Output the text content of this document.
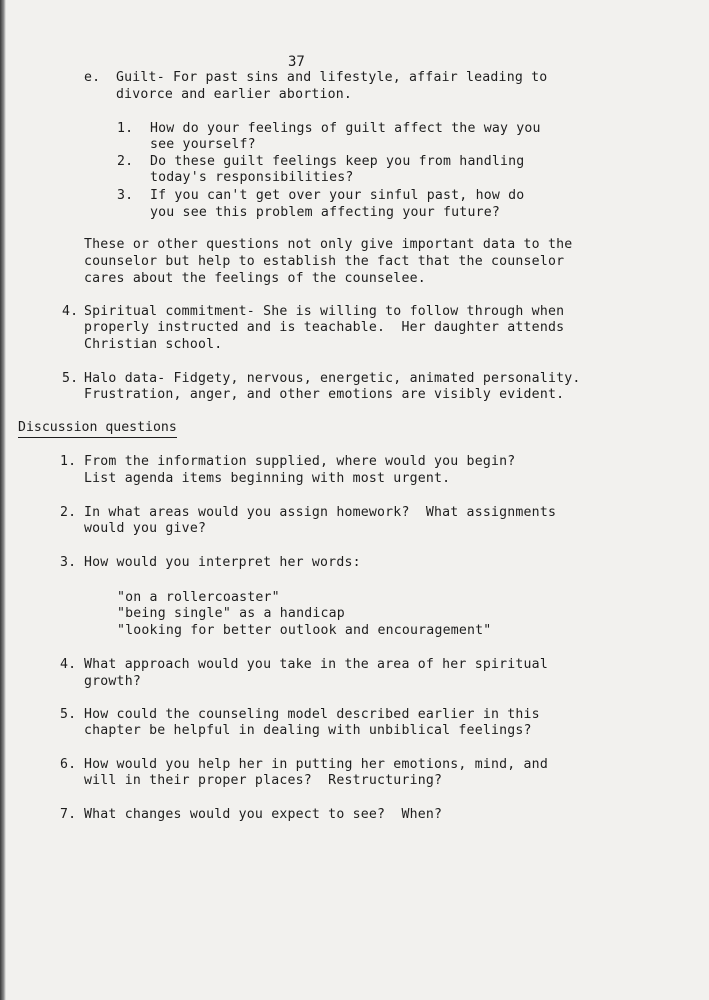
37
e. Guilt- For past sins and lifestyle, affair leading to
divorce and earlier abortion.
1. How do your feelings of guilt affect the way you
see yourself?
2. Do these guilt feelings keep you from handling
today's responsibilities?
3. If you can't get over your sinful past, how do
you see this problem affecting your future?
These or other questions not only give important data to the
counselor but help to establish the fact that the counselor
cares about the feelings of the counselee.
4. Spiritual commitment- She is willing to follow through when
properly instructed and is teachable.  Her daughter attends
Christian school.
5. Halo data- Fidgety, nervous, energetic, animated personality.
Frustration, anger, and other emotions are visibly evident.
Discussion questions
1. From the information supplied, where would you begin?
List agenda items beginning with most urgent.
2. In what areas would you assign homework?  What assignments
would you give?
3. How would you interpret her words:
"on a rollercoaster"
"being single" as a handicap
"looking for better outlook and encouragement"
4. What approach would you take in the area of her spiritual
growth?
5. How could the counseling model described earlier in this
chapter be helpful in dealing with unbiblical feelings?
6. How would you help her in putting her emotions, mind, and
will in their proper places?  Restructuring?
7. What changes would you expect to see?  When?
